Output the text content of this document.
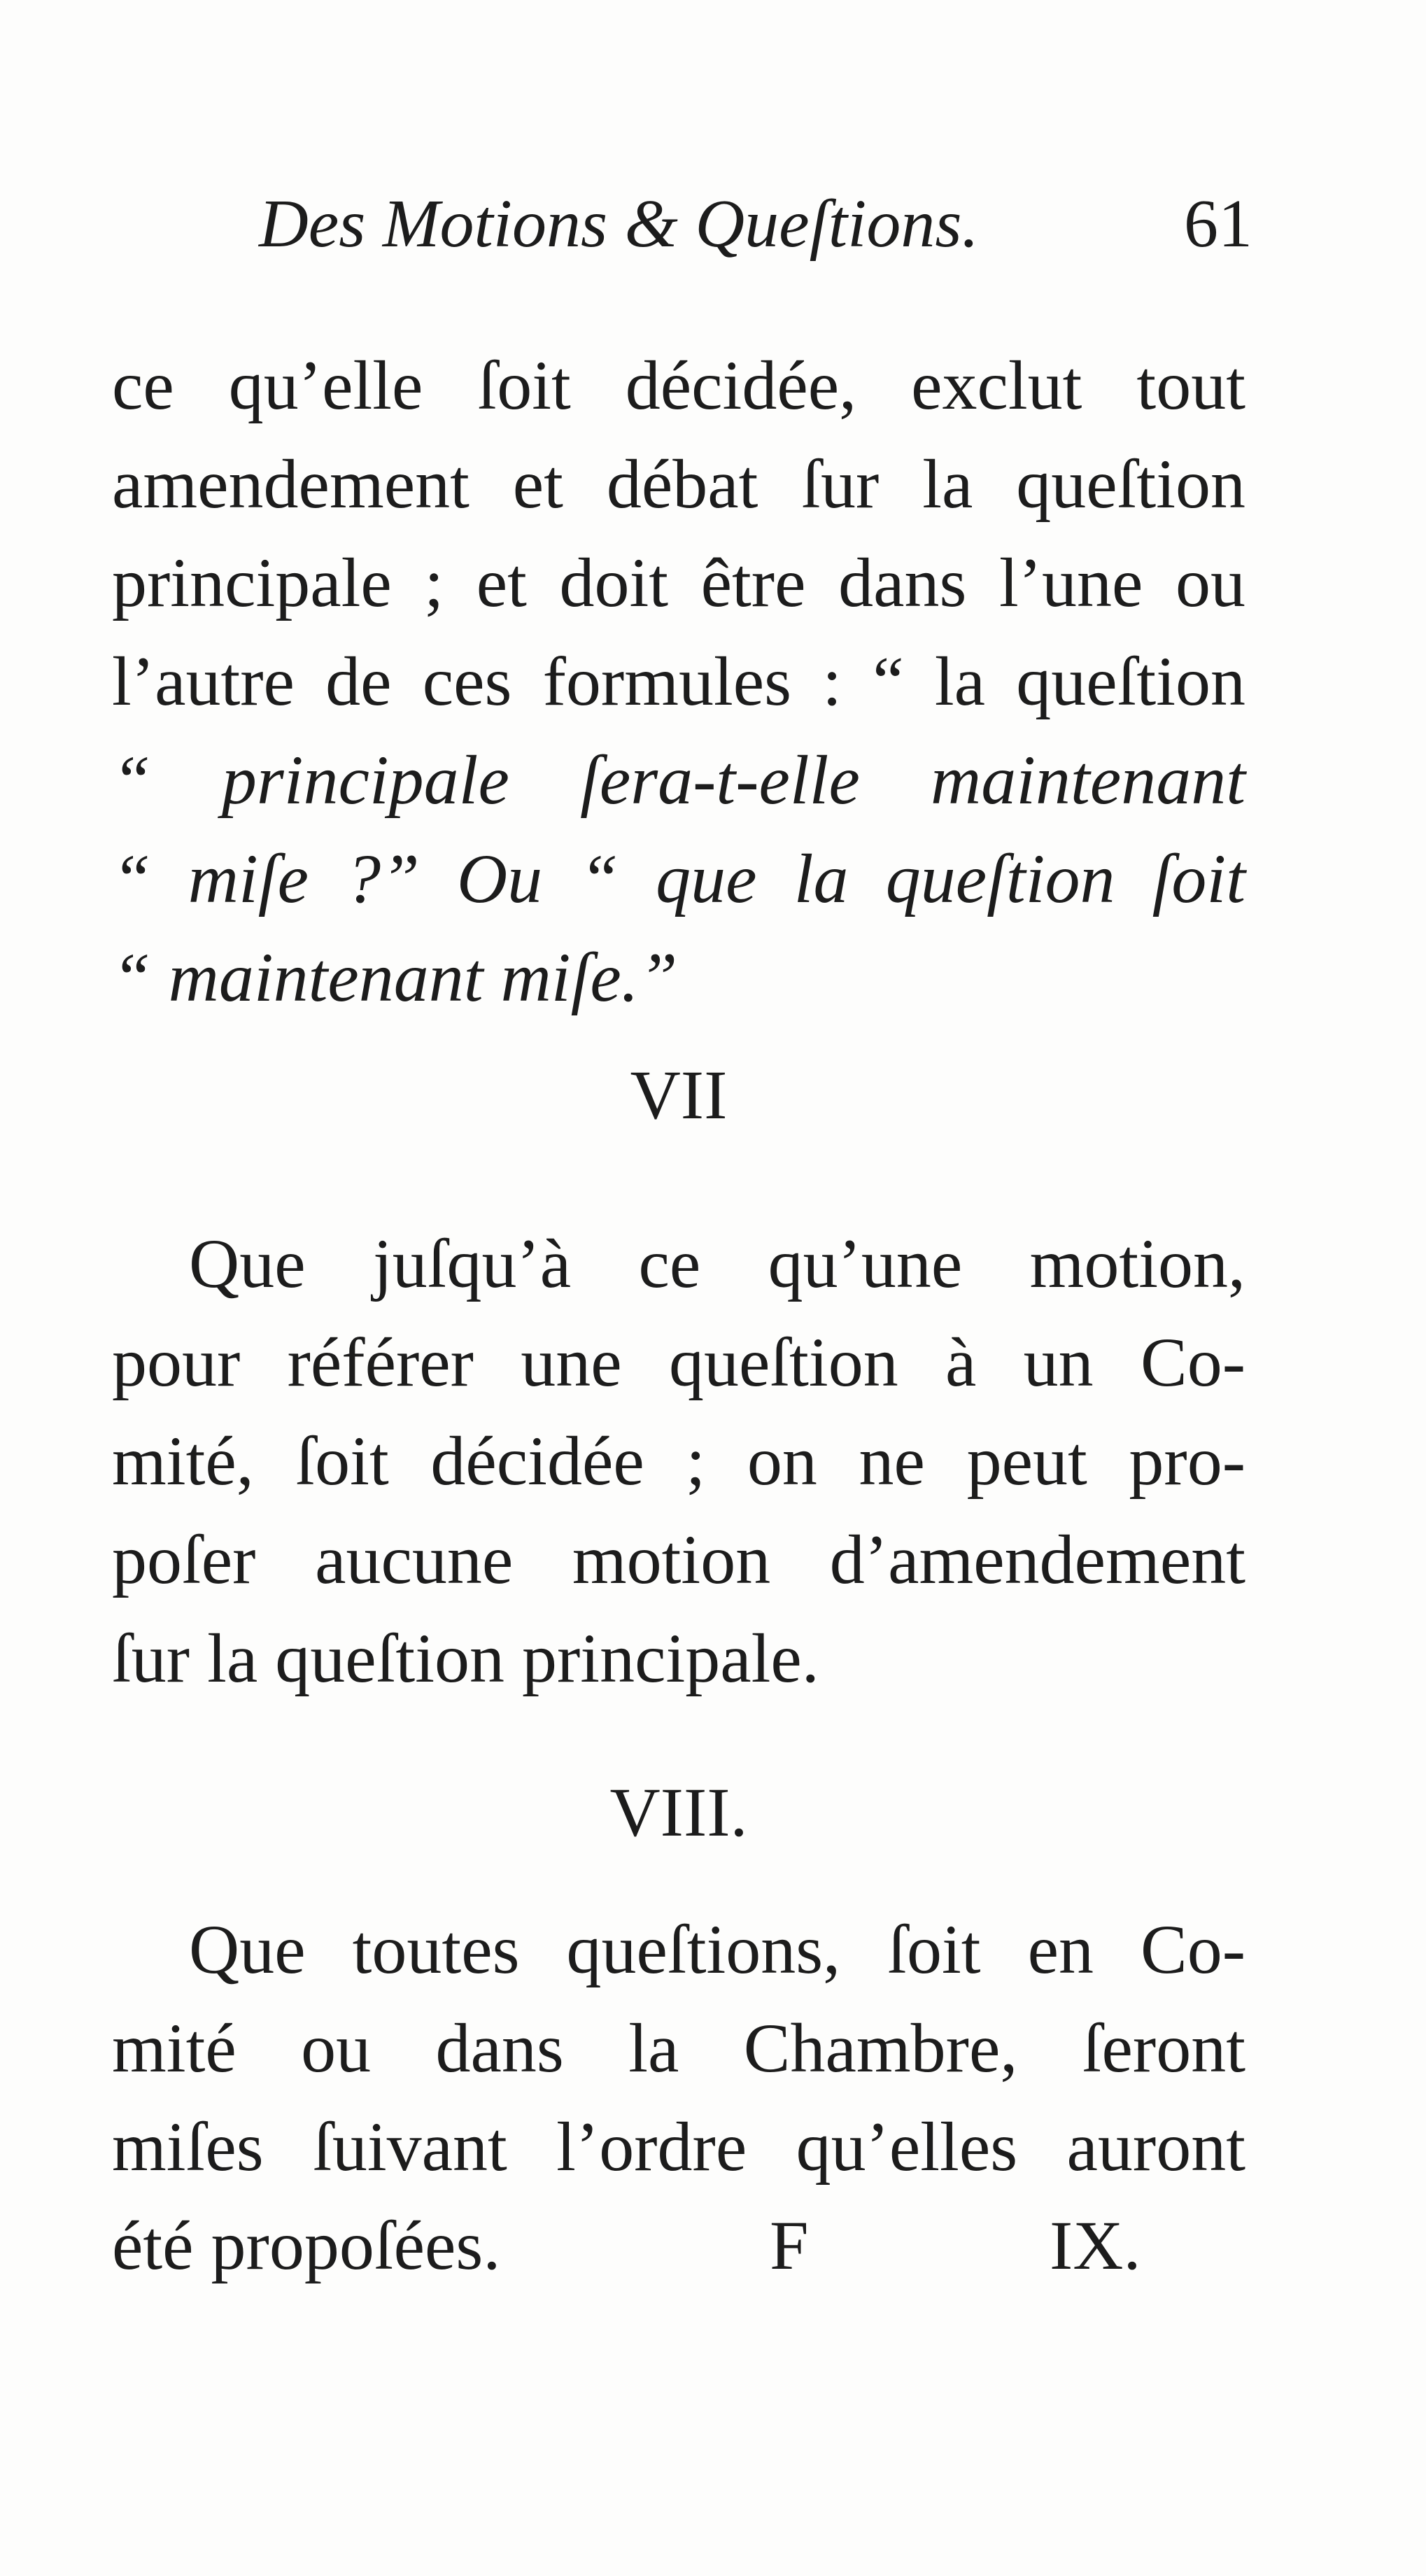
Des Motions & Queſtions.	61
ce qu’elle ſoit décidée, exclut tout
amendement et débat ſur la queſtion
principale ; et doit être dans l’une ou
l’autre de ces formules : “ la queſtion
“ principale ſera-t-elle maintenant
“ miſe ?” Ou “ que la queſtion ſoit
“ maintenant miſe.”
VII
Que juſqu’à ce qu’une motion,
pour référer une queſtion à un Co-
mité, ſoit décidée ; on ne peut pro-
poſer aucune motion d’amendement
ſur la queſtion principale.
VIII.
Que toutes queſtions, ſoit en Co-
mité ou dans la Chambre, ſeront
miſes ſuivant l’ordre qu’elles auront
été propoſées.	F	IX.
